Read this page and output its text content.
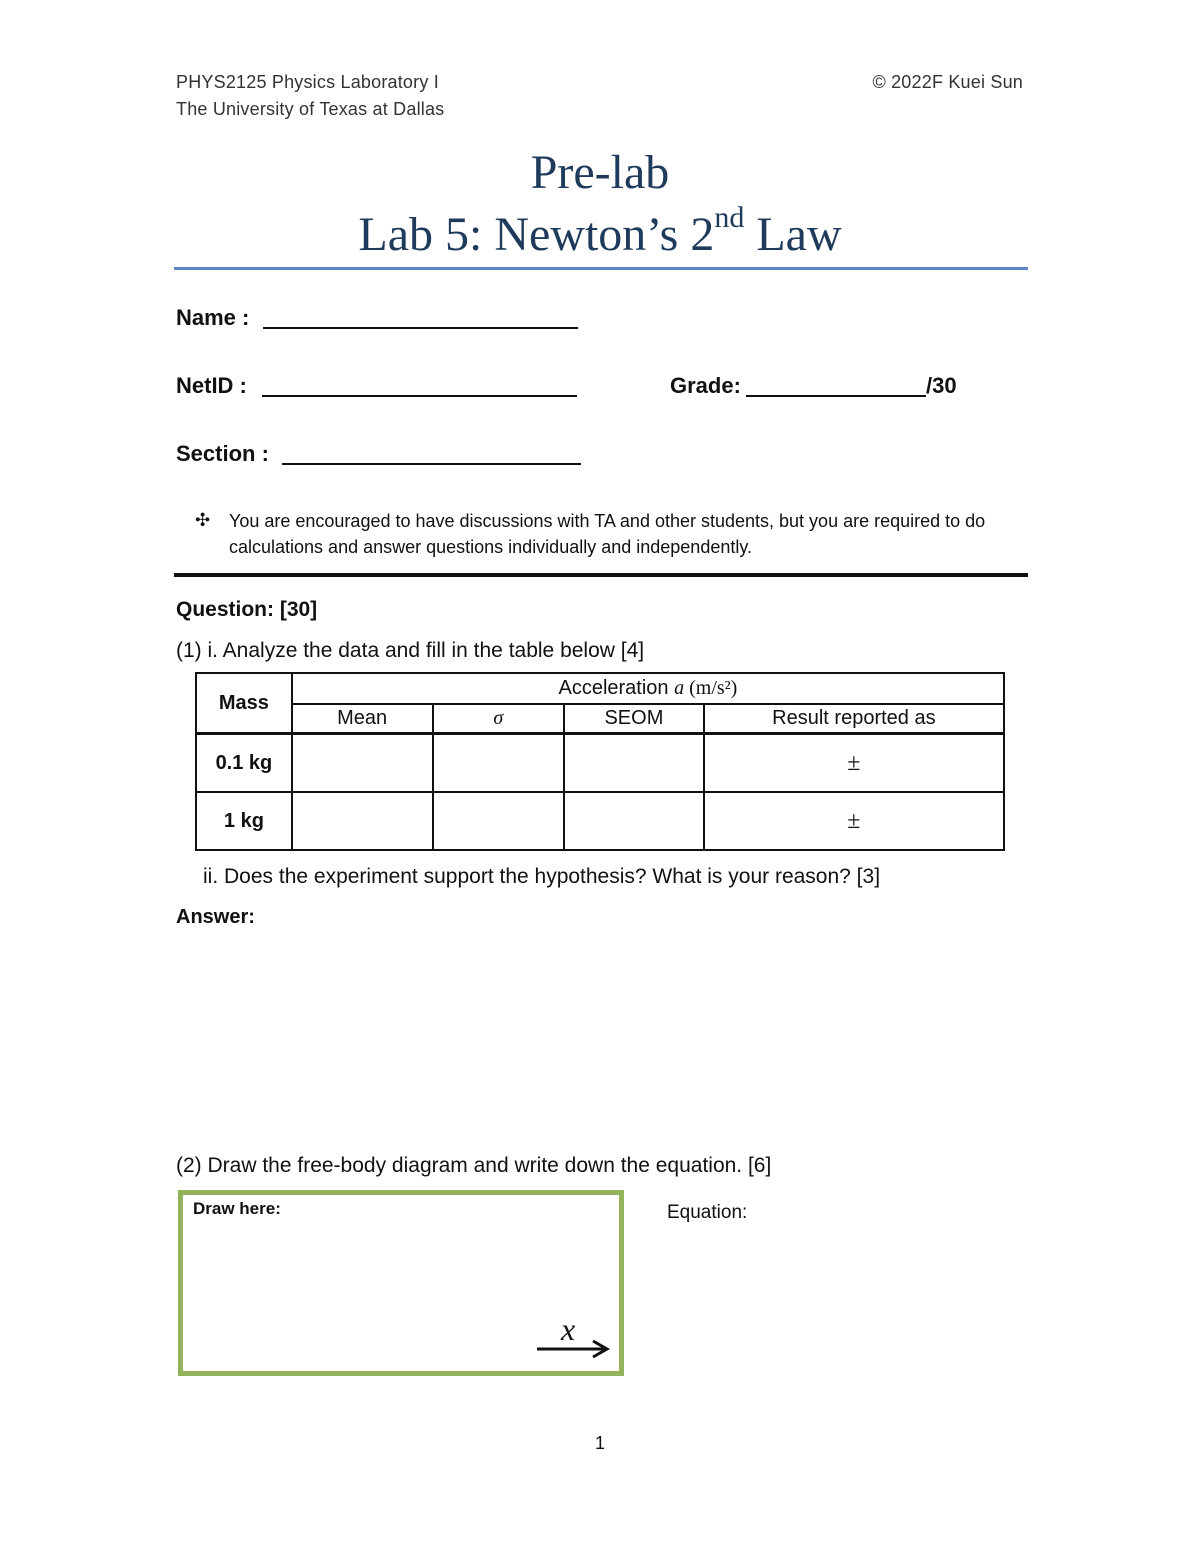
PHYS2125 Physics Laboratory I
The University of Texas at Dallas
© 2022F Kuei Sun
Pre-lab
Lab 5: Newton’s 2nd Law
Name :
NetID :	Grade:	/30
Section :
✣ You are encouraged to have discussions with TA and other students, but you are required to do calculations and answer questions individually and independently.
Question: [30]
(1) i. Analyze the data and fill in the table below [4]
Mass	Acceleration a (m/s²)			
	Mean	σ	SEOM	Result reported as
0.1 kg				±
1 kg				±
ii. Does the experiment support the hypothesis? What is your reason? [3]
Answer:
(2) Draw the free-body diagram and write down the equation. [6]
Draw here:
x
Equation:
1
